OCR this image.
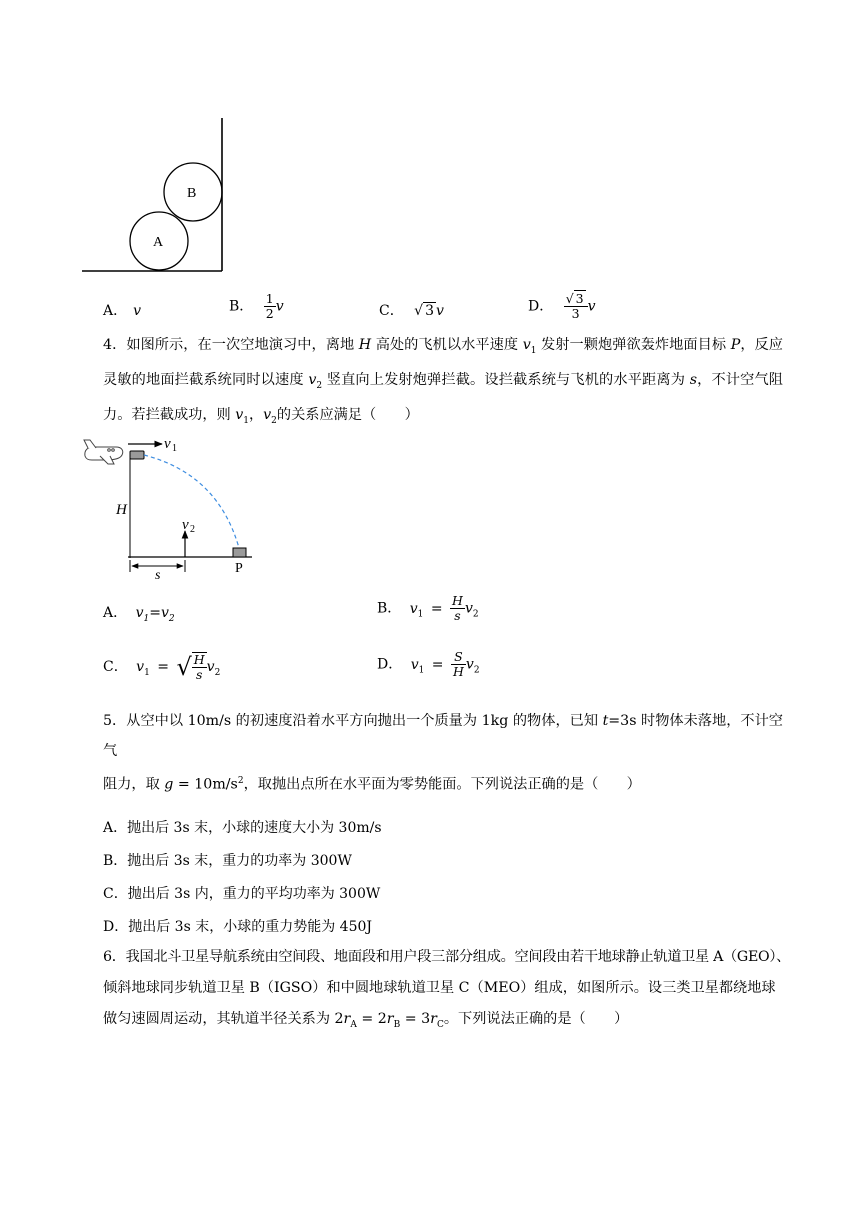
B
A
A． v	B． $\frac{1}{2}$ v	C． √ 3 v	D． $\frac{√ 3}{3}$ v
4．如图所示，在一次空地演习中，离地 H 高处的飞机以水平速度 $v_1$ 发射一颗炮弹欲轰炸地面目标 P，反应灵敏的地面拦截系统同时以速度 $v_2$ 竖直向上发射炮弹拦截。设拦截系统与飞机的水平距离为 s，不计空气阻力。若拦截成功，则 $v_1$，$v_2$的关系应满足（　　）
v 1
H
v 2
P
s
A． $v_1=v_2$
B． $v_1 = \frac{H}{s} v_2$
C． $v_1$ = √ $\frac{H}{s} v_2$
D． $v_1 = \frac{S}{H} v_2$
5．从空中以 10m/s 的初速度沿着水平方向抛出一个质量为 1kg 的物体，已知 t=3s 时物体未落地，不计空气
阻力，取 $g = 10m/s^2$，取抛出点所在水平面为零势能面。下列说法正确的是（　　）
A．抛出后 3s 末，小球的速度大小为 30m/s
B．抛出后 3s 末，重力的功率为 300W
C．抛出后 3s 内，重力的平均功率为 300W
D．抛出后 3s 末，小球的重力势能为 450J
6．我国北斗卫星导航系统由空间段、地面段和用户段三部分组成。空间段由若干地球静止轨道卫星 A（GEO）、
倾斜地球同步轨道卫星 B（IGSO）和中圆地球轨道卫星 C（MEO）组成，如图所示。设三类卫星都绕地球
做匀速圆周运动，其轨道半径关系为 $2r_A = 2r_B = 3r_C$。下列说法正确的是（　　）
